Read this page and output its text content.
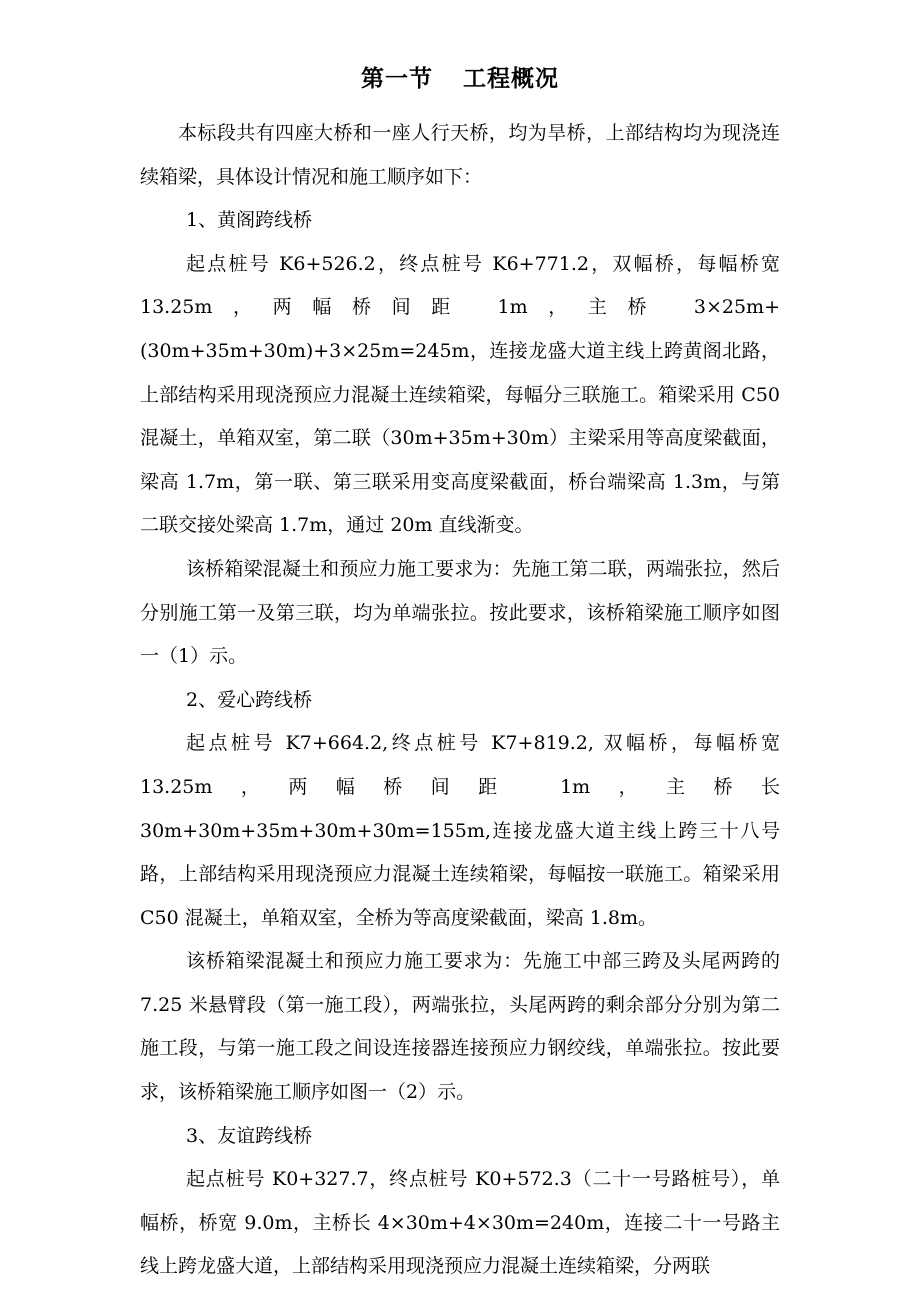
第一节 工程概况

本标段共有四座大桥和一座人行天桥，均为旱桥，上部结构均为现浇连续箱梁，具体设计情况和施工顺序如下：

1、黄阁跨线桥

起点桩号 K6+526.2，终点桩号 K6+771.2，双幅桥，每幅桥宽 13.25m，两幅桥间距 1m，主桥 3×25m+(30m+35m+30m)+3×25m=245m，连接龙盛大道主线上跨黄阁北路，上部结构采用现浇预应力混凝土连续箱梁，每幅分三联施工。箱梁采用 C50 混凝土，单箱双室，第二联（30m+35m+30m）主梁采用等高度梁截面，梁高 1.7m，第一联、第三联采用变高度梁截面，桥台端梁高 1.3m，与第二联交接处梁高 1.7m，通过 20m 直线渐变。

该桥箱梁混凝土和预应力施工要求为：先施工第二联，两端张拉，然后分别施工第一及第三联，均为单端张拉。按此要求，该桥箱梁施工顺序如图一（1）示。

2、爱心跨线桥

起点桩号 K7+664.2,终点桩号 K7+819.2, 双幅桥，每幅桥宽 13.25m，两幅桥间距 1m，主桥长 30m+30m+35m+30m+30m=155m,连接龙盛大道主线上跨三十八号路，上部结构采用现浇预应力混凝土连续箱梁，每幅按一联施工。箱梁采用 C50 混凝土，单箱双室，全桥为等高度梁截面，梁高 1.8m。

该桥箱梁混凝土和预应力施工要求为：先施工中部三跨及头尾两跨的 7.25 米悬臂段（第一施工段），两端张拉，头尾两跨的剩余部分分别为第二施工段，与第一施工段之间设连接器连接预应力钢绞线，单端张拉。按此要求，该桥箱梁施工顺序如图一（2）示。

3、友谊跨线桥

起点桩号 K0+327.7，终点桩号 K0+572.3（二十一号路桩号），单幅桥，桥宽 9.0m，主桥长 4×30m+4×30m=240m，连接二十一号路主线上跨龙盛大道，上部结构采用现浇预应力混凝土连续箱梁，分两联
